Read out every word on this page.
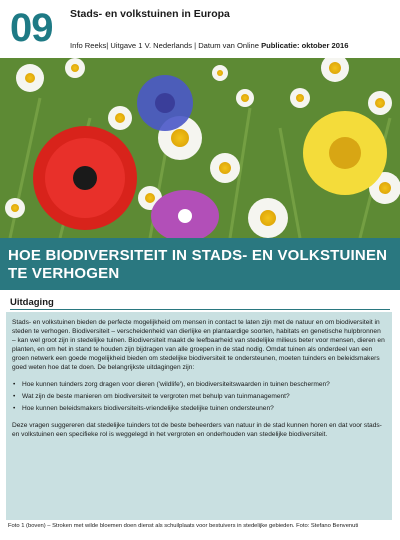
09 Stads- en volkstuinen in Europa
Info Reeks| Uitgave 1 V. Nederlands | Datum van Online Publicatie: oktober 2016
HOE BIODIVERSITEIT IN STADS- EN VOLKSTUINEN TE VERHOGEN
Uitdaging

Stads- en volkstuinen bieden de perfecte mogelijkheid om mensen in contact te laten zijn met de natuur en om biodiversiteit in steden te verhogen. Biodiversiteit – verscheidenheid van dierlijke en plantaardige soorten, habitats en genetische hulpbronnen – kan wel groot zijn in stedelijke tuinen. Biodiversiteit maakt de leefbaarheid van stedelijke milieus beter voor mensen, dieren en planten, en om het in stand te houden zijn bijdragen van alle groepen in de stad nodig. Omdat tuinen als onderdeel van een groen netwerk een goede mogelijkheid bieden om stedelijke biodiversiteit te ondersteunen, moeten tuinders en beleidsmakers goed weten hoe dat te doen. De belangrijkste uitdagingen zijn:

• Hoe kunnen tuinders zorg dragen voor dieren ('wildlife'), en biodiversiteitswaarden in tuinen beschermen?
• Wat zijn de beste manieren om biodiversiteit te vergroten met behulp van tuinmanagement?
• Hoe kunnen beleidsmakers biodiversiteits-vriendelijke stedelijke tuinen ondersteunen?

Deze vragen suggereren dat stedelijke tuinders tot de beste beheerders van natuur in de stad kunnen horen en dat voor stads- en volkstuinen een specifieke rol is weggelegd in het vergroten en onderhouden van stedelijke biodiversiteit.

Foto 1 (boven) – Stroken met wilde bloemen doen dienst als schuilplaats voor bestuivers in stedelijke gebieden. Foto: Stefano Benvenuti
